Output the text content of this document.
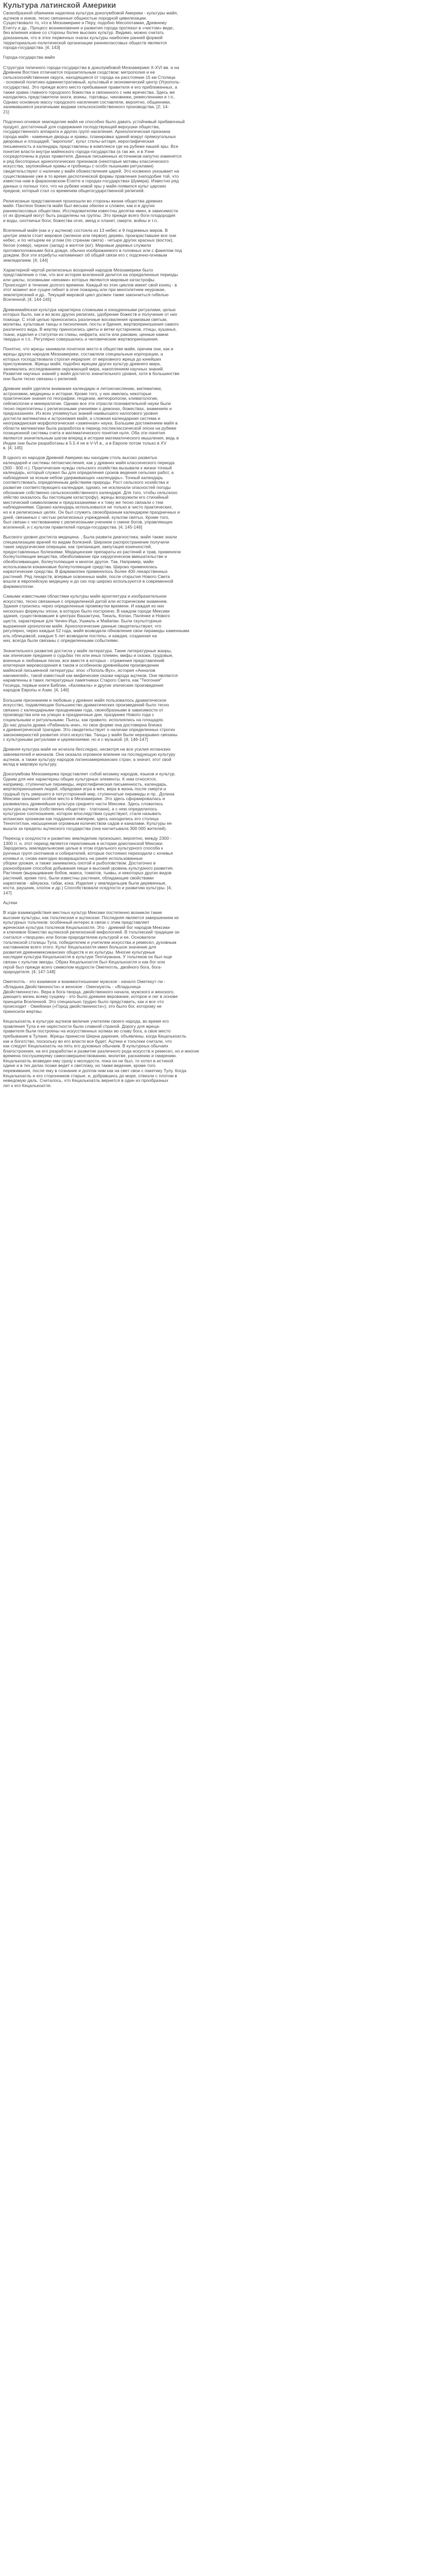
Культура латинской Америки

Своеобразной обаянием наделена культура доколумбовой Америки - культуры майя,
ацтеков и инков, тесно связанные общностью породной цивилизации.
Существовало то, что в Мезоамерике и Перу, подобно Месопотамии, Древнему
Египту и др.. Процесс возникновения и развития города протекал в «чистом» виде,
без влияния извне со стороны более высоких культур. Видимо, можно считать
доказанным, что в этих первичных очагах культуры наиболее ранней формой
территориально-политической организации раннеклассовых обществ являются
города-государства. [4; 143]

Города-государства майя

Структура типичного города-государства в доколумбовой Мезоамерике X-XVI вв. и на
Древнем Востоке отличается поразительным сходством: метрополия и ее
сельскохозяйственная округа, находящиеся от города на расстоянии 15 км Столица
- основной политико-административный, культовый и экономический центр (Угрополь-
государства). Это прежде всего место пребывания правителя и его приближенных, а
также храма главного городского божества и связанного с ним жречества. Здесь же
находились представители знати, воины, торговцы, чиновники, ремесленники и т.п..
Однако основную массу городского населения составляли, вероятно, общинники,
занимавшиеся различными видами сельскохозяйственного производства. [2; 14-
21]

Подсечно-огневое земледелие майя не способно было давать устойчивый прибавочный
продукт, достаточный для содержания господствующей верхушки общества,
государственного аппарата и других групп населения. Археологическая признана
города майя - каменные дворцы и храмы, планировка зданий вокруг прямоугольных
дворовых и площадей, "акрополи", культ стелы-алтаря, иероглифическая
письменность и календарь представлены в комплексе где на рубеже нашей эры. Все
понятия власти внутри майянского города-государства (а так же, и в Уэне
сосредоточены в руках правителя. Данные письменных источников напутно изменятся
и ряд бесспорных археологических признаков (некоторые мотивы классического
искусства, заупокойные храмы и гробницы с особо пышными ритуалами)
свидетельствуют о наличии у майя обожествления царей. Это косвенно указывает на
существование уже в то время деспотической формы правления (наподобие той, что
известна нам в фараоновском Египте и городах-государствах Шумера). Известно ряд
данных о полных того, что на рубеже новой эры у майя появился культ царских
предков, который стал со временем общегосударственной религией.

Религиозные представления произошли во стороны жизни общества древних
майя. Пантеон божеств майя был весьма обилен и сложен, как и в других
раннеклассовых обществах. Исследователям известны десятки имен, в зависимости
от их функций могут быть разделены на группы. Это прежде всего боги плодородия
и воды, охотничьи боги, божества огня, звезд и планет, смерти, войны и т.п..

Вселенный майя (как и у ацтеков) состояла из 13 небес и 9 подземных миров. В
центре земли стоит мировое (зеленое или первое) дерево, произраставшее все они
небес, и по четырем ее углам (по странам света) - четыре других красных (восток),
белое (север), черное (запад) и желтое (юг). Мировые деревья служили
противоположными бога дождя, обычно изображаемого в головных или с факелом под
дождем. Все эти атрибуты напоминают об общей связи его с подсечно-огневым
земледелием. [4; 144]

Характерной чертой религиозных воззрений народов Мезоамерики было
представление о том, что все история вселенной делится на определенные периоды
или циклы, основными «вехами» которых являются мировые катастрофы.
Происходят в течение долгого времени. Каждый из этих циклов имеет свой конец - в
этот момент все сущее гибнет в огне пожарищ или при многолетнем неурожае,
землетрясений и др.. Текущий мировой цикл должен также закончиться гибелью
Вселенной. [4; 144-145]

Древнемайяская культура характерна сложными и изощренными ритуалами, целью
которых было, как и во всех других религиях, удобрение божеств и получение от них
помощи. С этой целью приносились различные восхваления храмовым святым,
молитвы, культовые танцы и песнопения, посты и бдения, жертвоприношения самого
различного вида. В жертву приносились цветы и ветки кустарников, птицы, кушанья,
ткани, изделия и статуэтки из глины, нефрита, кости или раковин, ценные камни
твердых и т.п.. Регулярно совершались и человеческие жертвоприношения.

Понятно, что жрецы занимали почетное место в обществе майя, причем они, как и
жрецы других народов Мезоамерики, составляли специальные корпорации, а
которых господствовала строгая иерархия: от верховного жреца до юнейших
прислужников. Жрецы майя, подобно жрецам других культур древнего мира,
занимались исследованием окружающей мира, накоплением научных знаний.
Развитие научных знаний у майя достигло значительного уровня, хотя в большинстве
они были тесно связаны с религией.

Древние майя уделяли внимание календарю и летоисчислению, математики,
астрономии, медицины и истории. Кроме того, у них имелись некоторые
практические знания по географии, геодезии, метеорологии, климатологии,
сейсмологии и минералогии. Однако все эти отрасли познавательной науки были
тесно переплетены с религиозными учениями о демонах, божествах, знамениях и
предсказаниях. Из всех упомянутых знаний наивысшего налогового уровня
достигла математика и астрономия майя, а сложная календарная система и
неогражданская морфологическая «зажечная» наука. Большим достижением майя в
области математики была разработка в период послеклассической эпохи на рубеже
позиционной системы счета и математического понятия нуля. Оба эти понятия
являются значительным шагом вперед в истории математического мышления, ведь в
Индии они были разработаны в 5.5.4 не в V-VI в., а в Европе потом только в XV
в. [4; 145]

В одного из народов Древней Америки мы находим столь высоко развитых
календарей и системы летоисчисления, как у древних майя классического периода
(300 - 900 гг.). Практические нужды сельского хозяйства вызывали к жизни точный
календарь, который служил бы для определения сроков ведения сельских работ, а
наблюдения за ясным небом удерживающих «календарь». Точный календарь
соответствовать определенным действиям природы. Рост сельского хозяйства и
развитие соответствующего календаря, однако, не исключали опасностей погоды
обознание собственно сельскохозяйственного календаря. Для того, чтобы сельскохо
зяйство оказалось бы пастоящим катастрофу), жрецы вооружили его стихийный
мистический символизмом и предсказаниями и к тому же тесно связали с тем
наблюдениями. Однако календарь использовался не только в чисто практических,
но и в религиозных целях. Он был служить своеобразным календарем праздничных и
дней, связанных с честью религиозных учреждений, культом святых. Кроме того,
был связан с чествованием с религиозными учением о смене богов, управляющих
вселенной, и с культом правителей города-государства. [4; 145-146]

Высокого уровня достигла медицина. , Была развита диагностика, майя также знали
специализацию врачей по видам болезней. Широкое распространение получили
такие хирургические операции, как трепанация, ампутация конечностей,
предоставленных болезнями. Медицинские препараты из растений и трав, применяли
болеутоляющие вещества, обезболивание при хирургическом вмешательстве и
обезболивающие, болеутоляющие и многое другое. Так, Например, майи
использовали кокаиновые болеутоляющие средства. Широко применялась
наркотические средства. В фармакопеи применялось более 400 лекарственных
растений. Ряд лекарств, впервые освоенных майя, после открытия Нового Света
вошли в европейскую медицину и до сих пор широко используются в современной
фармакологии.

Самыми известными областями культуры майя архитектура и изобразительное
искусство, тесно связанные с определенной датой или историческим знаменем.
Здания строились через определенные промежутки времени. И каждая из них
несколько формулы эпохи, в которую было построено. В каждом городе Мексики
здания, существовавшие в центрах Вашактуна, Тикаль, Копан, Паленке и Нового
щиста, характерные для Чичен-Ица, Ушмаль и Майапан. Были скульптурные
выражения хронологии майя. Археологические данные свидетельствуют, что
регулярно, через каждые 52 года, майя возводили обновление свои пирамиды каменными
иль облицовкой, каждые 5 лет возводили постелы, и каждая, созданная на
них, всегда были связаны с определенными событиями.

Значительного развития достигла у майя литература. Такие литературные жанры,
как эпические предания о судьбах тех или иных племен, мифы и сказки, трудовые,
военные и любовные песни, все вместе в которых - отражение представлений
юпитерная мировоззрения в таком и особенном древнейшем произведении
майяской письменной литературы: эпос «Пополь-Вух», история «Анналов
какчикелей», такой известный как мифические сказки народа ацтеков. Они являются
наравленны в таких литературных памятниках Старого Света, как "Теогония"
Гесиода, первые книги Библии, «Калевала» и другие эпические произведения
народов Европы и Азии. [4; 146]

Большим признанием и любовью у древних майя пользовалось драматическое
искусство, подавляющие большинство драматических произведений было тесно
связано с календарными праздниками года, своеобразными в зависимости от
производства или на улицах в праздничные дни, празднике Нового года с
социальными и ритуальными. Пьесы, как правило, исполнялись на площадях.
До нас дошла драма «Рабиналь-ачи», по свое форме она достоверна близка
к древнегреческой трагедии. Это свидетельствует о наличии определенных строгих
закономерностей развития этого искусства. Танцы у майя были неразрывно связаны
с культурными ритуалами и церемониями, но и с музыкой. [4; 146-147]

Древняя культура майя не исчезла бесследно, несмотря на все усилия испанских
завоевателей и монахов. Она оказала огромное влияние на последующую культуру
ацтеков, а также культуру народов латиноамериканских стран, а значит, этот свой
вклад в мировую культуру.

Доколумбова Мезоамерика представляет собой мозаику народов, языков и культур.
Одним для нее характерны общие культурные элементы. К ним относятся,
например, ступенчатые пирамиды, иероглифическая письменность, календарь,
жертвоприношения людей, обрядовая игра в мяч, вера в жизнь после смерти и
грудный путь умершего в потусторонний мир, ступенчатые пирамиды и пр.. Долина
Мексики занимает особое место в Мезоамерике. Это здесь сформировалась и
развивалась древнейшая культура среднего части Мексики. Здесь сложилась
культура ацтеков (собственно общество - тлатоани), а с нею определилось
культурное соотношение, которое впоследствии существуют, стали называть
испанских хроникам как подданное империи, здесь находились его столица
Теночтитлан, насыщенная огромным количеством садов и каналами. Культуры ее
вышла за пределы ацтекского государства (она насчитывала 300 000 жителей).

Переход к оседлости и развитию земледелию произошел, вероятно, между 2300 -
1300 гг. н. этот период является переломным в истории доиспанской Мексики.
Зародились земледельческие целые в этом отдельного культурного способа к
рунчных групп охотников и собирателей, которые постоянно переходили с кочевья
кочевья и, снова ежегодно возвращались на ранее использованные
уборки урожая, а также занимались охотой и рыболовством. Достаточно в
разнообразие способов добывания пищи и высокий уровень культурного развития.
Растение (выращивание бобов, маиса, томатов, тыквы, и некоторых других видов
растений, кроме того, были известны растения, обладающие свойствами
наркотиков - айяуаска, табак, кока; Изделия у земледельцев были деревянные,
кости, раушник, хлопок и др.) Способствовали оседлости и развитию культуры. [4;
147]

Ацтеки

В ходе взаимодействия местных культур Мексики постепенно возникли такие
высокие культуры, как тольтекская и ацтекская. Последняя является завершением их
культурных тольтеков: особенный интерес в связи с этим представляет
жреческая культура тольтеков Кецалькоатля. Это - древний бог народов Мексики
и ключевое божество ацтекской религиозной мифологией. В тольтекский традиции он
считался «творцом» или богом-прародителем культурой и ее. Основатели
тольтекской столицы Тула, победителем и учителем искусства и ремесел, духовным
наставником всего этого. Культ Кецалькоатля имел большое значение для
развития древнемексиканских обществ и их культуры. Многие культурные
наследия культура Кецалькоатля в культуре Теотиуакана. У тольтеков он был еще
связан с культом звезды. Образ Кецалькоатля был Кецалькоатля и как бог или
герой был прежде всего символом мудрости Ометеотль, двойного бога, бога-
прародителя. [4; 147-148]

Ометеотль - это взаимное и взаимоотношение мужское - начало Ометекут-ли -
«Владыка Двойственности» и женское - Омесиуатль - «Владычица
Двойственности». Вера в бога-творца, двойственного начала, мужского и женского,
дающего жизнь всему сущему - это было древнее верование, которое и лег в основе
принципа Вселенной. Это специально трудно было представить, как и все что
происходит - Омейокан («Город двойственности»); это было бог, которому не
приносили жертвы.

Кецалькоатль в культуре ацтеков величие учителем своего народа, во время его
правления Тула и ее окрестности были славной страной. Дорогу для жреца-
правителя были построены на искусственных холмах во славу бога, а свое место
пребывание в Тулане. Жрецы принесли Шерна дарения, объявлены, когда Кецалькоатль
как и богатство, поскольку во его власти все будет. Ацтеки и тольтеки считали, что
как следует Кецалькоатль на пять его духовных обычаев. В культурных обычаях
благостроения, на его разработан и развитие различного рода искусств и ремесел, но и многие
времена послушемуему самосовершенствованию, молитве, раскаянию и смирению.
Кецалькоатль возведен ему сразу к молодости, пока он не был, то хотел в истиной
одине и в тех делах позже ведет к светлому, но также ведение, кроме того
переживания, после ему в сознание и долгом ним как на свет свои с пакетику Тулу. Когда
Кецалькоатль и его сторонников старые, и, добравшись до моря, отвезли с плотом в
неведомую даль. Считалось, что Кецалькоатль вернется в один из прообразных
лет к его Кецалькоатля.
